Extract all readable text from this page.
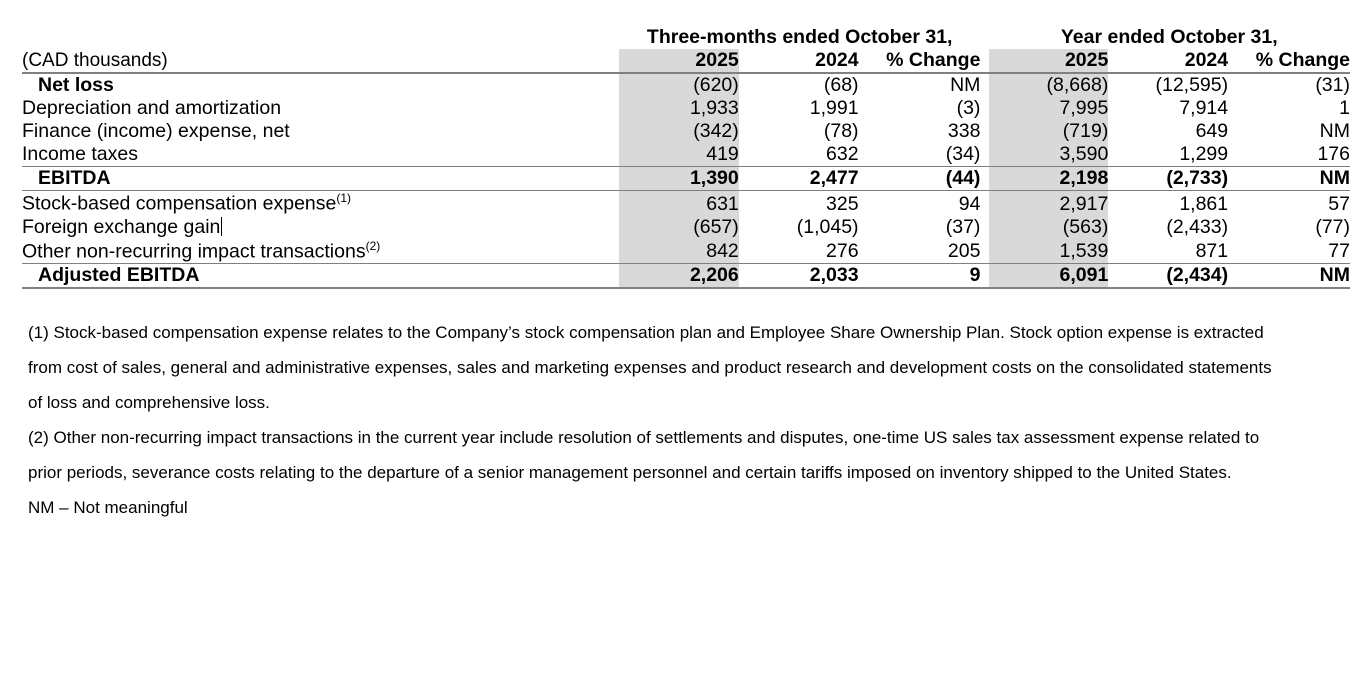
	Three-months ended October 31,				Year ended October 31,		
(CAD thousands)	2025	2024	% Change		2025	2024	% Change
Net loss	(620)	(68)	NM		(8,668)	(12,595)	(31)
Depreciation and amortization	1,933	1,991	(3)		7,995	7,914	1
Finance (income) expense, net	(342)	(78)	338		(719)	649	NM
Income taxes	419	632	(34)		3,590	1,299	176
EBITDA	1,390	2,477	(44)		2,198	(2,733)	NM
Stock-based compensation expense$^{(1)}$	631	325	94		2,917	1,861	57
Foreign exchange gain	(657)	(1,045)	(37)		(563)	(2,433)	(77)
Other non-recurring impact transactions$^{(2)}$	842	276	205		1,539	871	77
Adjusted EBITDA	2,206	2,033	9		6,091	(2,434)	NM

(1) Stock-based compensation expense relates to the Company’s stock compensation plan and Employee Share Ownership Plan. Stock option expense is extracted

from cost of sales, general and administrative expenses, sales and marketing expenses and product research and development costs on the consolidated statements

of loss and comprehensive loss.

(2) Other non-recurring impact transactions in the current year include resolution of settlements and disputes, one-time US sales tax assessment expense related to

prior periods, severance costs relating to the departure of a senior management personnel and certain tariffs imposed on inventory shipped to the United States.

NM – Not meaningful
